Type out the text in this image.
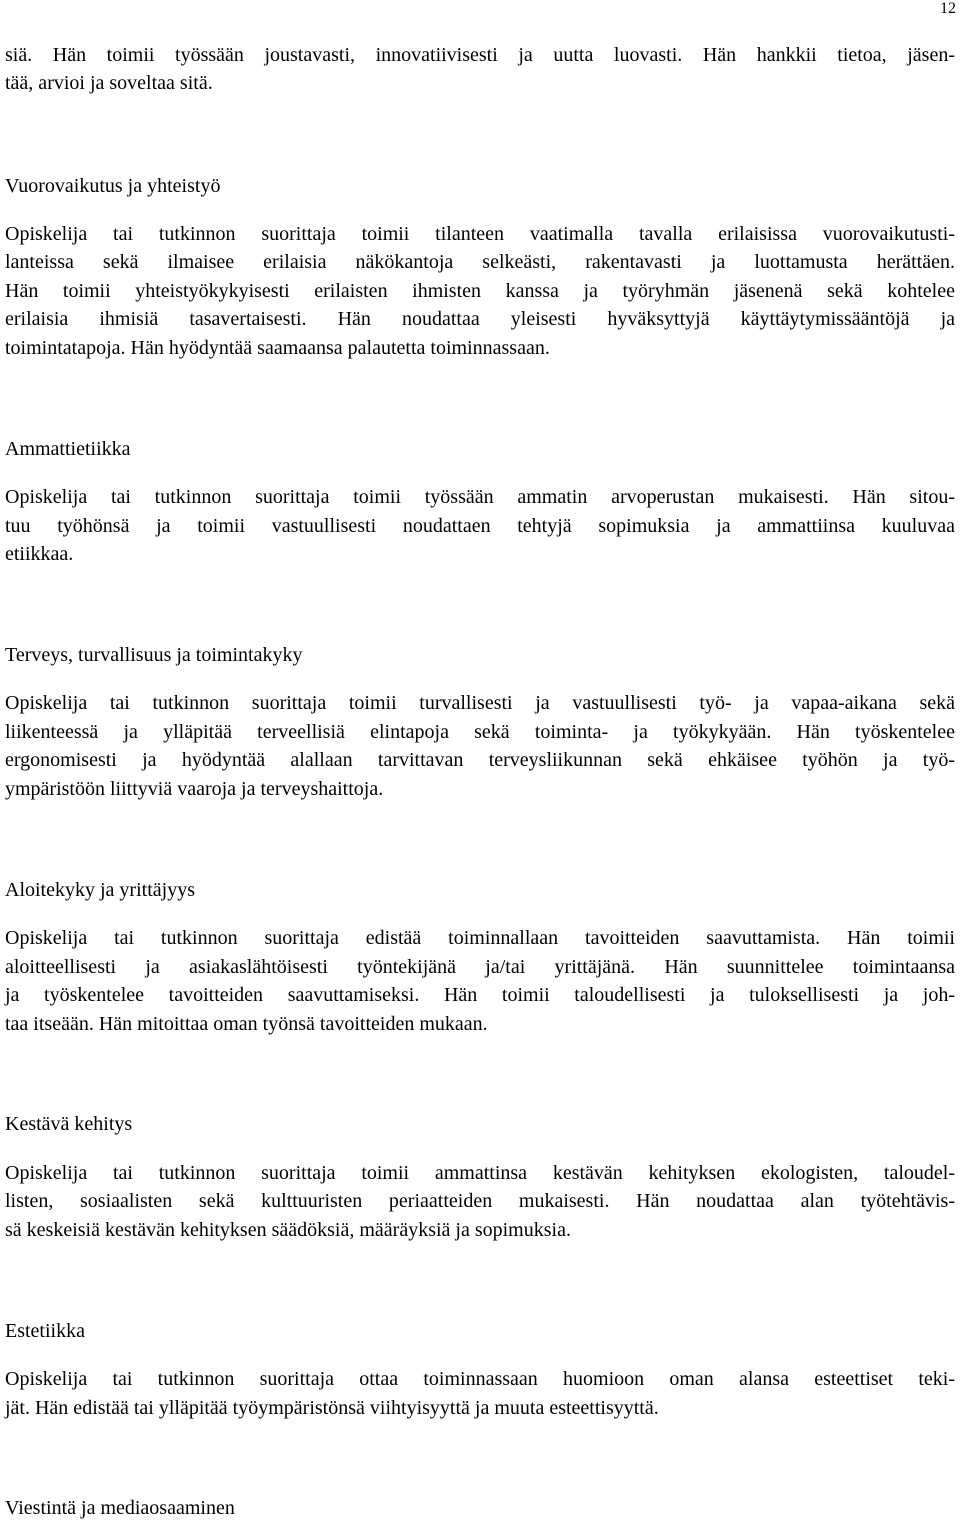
12

siä. Hän toimii työssään joustavasti, innovatiivisesti ja uutta luovasti. Hän hankkii tietoa, jäsen-

tää, arvioi ja soveltaa sitä.

Vuorovaikutus ja yhteistyö

Opiskelija tai tutkinnon suorittaja toimii tilanteen vaatimalla tavalla erilaisissa vuorovaikutusti-

lanteissa sekä ilmaisee erilaisia näkökantoja selkeästi, rakentavasti ja luottamusta herättäen.

Hän toimii yhteistyökykyisesti erilaisten ihmisten kanssa ja työryhmän jäsenenä sekä kohtelee

erilaisia ihmisiä tasavertaisesti. Hän noudattaa yleisesti hyväksyttyjä käyttäytymissääntöjä ja

toimintatapoja. Hän hyödyntää saamaansa palautetta toiminnassaan.

Ammattietiikka

Opiskelija tai tutkinnon suorittaja toimii työssään ammatin arvoperustan mukaisesti. Hän sitou-

tuu työhönsä ja toimii vastuullisesti noudattaen tehtyjä sopimuksia ja ammattiinsa kuuluvaa

etiikkaa.

Terveys, turvallisuus ja toimintakyky

Opiskelija tai tutkinnon suorittaja toimii turvallisesti ja vastuullisesti työ- ja vapaa-aikana sekä

liikenteessä ja ylläpitää terveellisiä elintapoja sekä toiminta- ja työkykyään. Hän työskentelee

ergonomisesti ja hyödyntää alallaan tarvittavan terveysliikunnan sekä ehkäisee työhön ja työ-

ympäristöön liittyviä vaaroja ja terveyshaittoja.

Aloitekyky ja yrittäjyys

Opiskelija tai tutkinnon suorittaja edistää toiminnallaan tavoitteiden saavuttamista. Hän toimii

aloitteellisesti ja asiakaslähtöisesti työntekijänä ja/tai yrittäjänä. Hän suunnittelee toimintaansa

ja työskentelee tavoitteiden saavuttamiseksi. Hän toimii taloudellisesti ja tuloksellisesti ja joh-

taa itseään. Hän mitoittaa oman työnsä tavoitteiden mukaan.

Kestävä kehitys

Opiskelija tai tutkinnon suorittaja toimii ammattinsa kestävän kehityksen ekologisten, taloudel-

listen, sosiaalisten sekä kulttuuristen periaatteiden mukaisesti. Hän noudattaa alan työtehtävis-

sä keskeisiä kestävän kehityksen säädöksiä, määräyksiä ja sopimuksia.

Estetiikka

Opiskelija tai tutkinnon suorittaja ottaa toiminnassaan huomioon oman alansa esteettiset teki-

jät. Hän edistää tai ylläpitää työympäristönsä viihtyisyyttä ja muuta esteettisyyttä.

Viestintä ja mediaosaaminen
